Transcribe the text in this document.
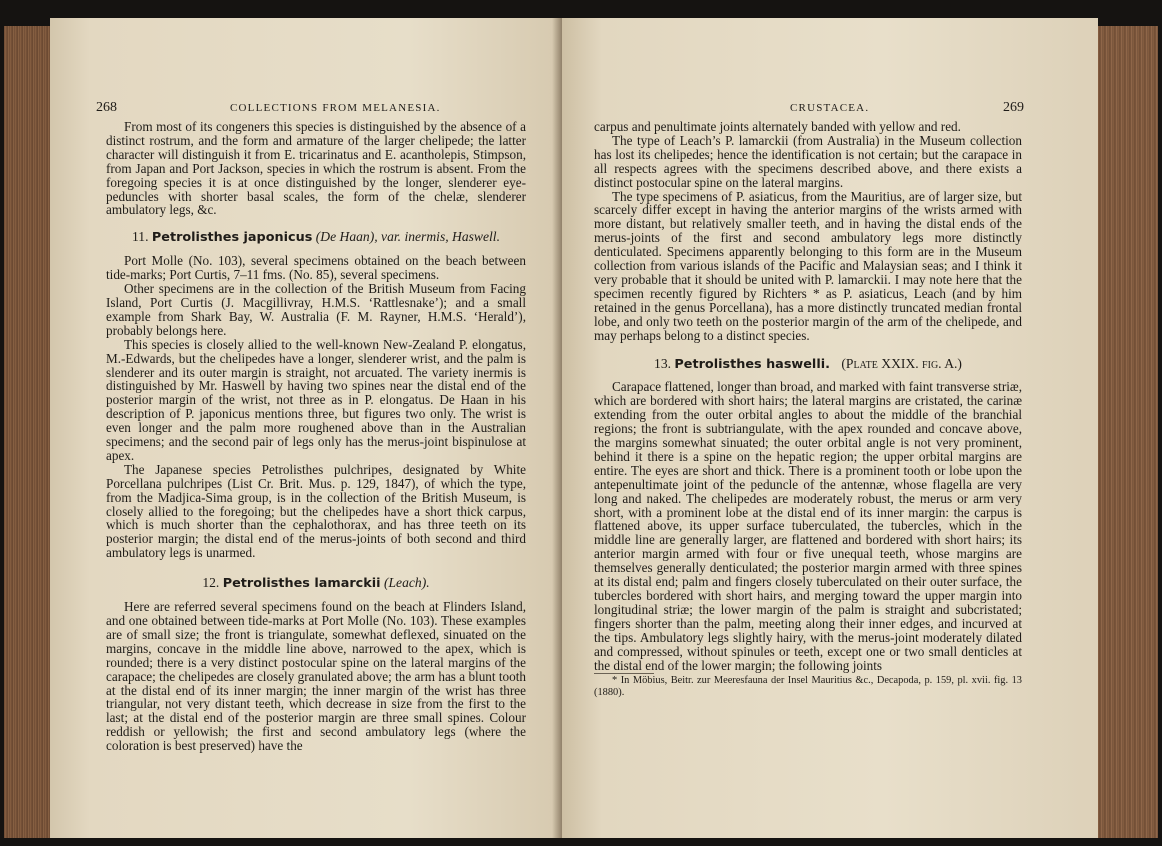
268	COLLECTIONS FROM MELANESIA.

From most of its congeners this species is distinguished by the absence of a distinct rostrum, and the form and armature of the larger chelipede; the latter character will distinguish it from E. tricarinatus and E. acantholepis, Stimpson, from Japan and Port Jackson, species in which the rostrum is absent. From the foregoing species it is at once distinguished by the longer, slenderer eye-peduncles with shorter basal scales, the form of the chelæ, slenderer ambulatory legs, &c.

11. Petrolisthes japonicus (De Haan), var. inermis, Haswell.

Port Molle (No. 103), several specimens obtained on the beach between tide-marks; Port Curtis, 7–11 fms. (No. 85), several specimens.

Other specimens are in the collection of the British Museum from Facing Island, Port Curtis (J. Macgillivray, H.M.S. ‘Rattlesnake’); and a small example from Shark Bay, W. Australia (F. M. Rayner, H.M.S. ‘Herald’), probably belongs here.

This species is closely allied to the well-known New-Zealand P. elongatus, M.-Edwards, but the chelipedes have a longer, slenderer wrist, and the palm is slenderer and its outer margin is straight, not arcuated. The variety inermis is distinguished by Mr. Haswell by having two spines near the distal end of the posterior margin of the wrist, not three as in P. elongatus. De Haan in his description of P. japonicus mentions three, but figures two only. The wrist is even longer and the palm more roughened above than in the Australian specimens; and the second pair of legs only has the merus-joint bispinulose at apex.

The Japanese species Petrolisthes pulchripes, designated by White Porcellana pulchripes (List Cr. Brit. Mus. p. 129, 1847), of which the type, from the Madjica-Sima group, is in the collection of the British Museum, is closely allied to the foregoing; but the chelipedes have a short thick carpus, which is much shorter than the cephalothorax, and has three teeth on its posterior margin; the distal end of the merus-joints of both second and third ambulatory legs is unarmed.

12. Petrolisthes lamarckii (Leach).

Here are referred several specimens found on the beach at Flinders Island, and one obtained between tide-marks at Port Molle (No. 103). These examples are of small size; the front is triangulate, somewhat deflexed, sinuated on the margins, concave in the middle line above, narrowed to the apex, which is rounded; there is a very distinct postocular spine on the lateral margins of the carapace; the chelipedes are closely granulated above; the arm has a blunt tooth at the distal end of its inner margin; the inner margin of the wrist has three triangular, not very distant teeth, which decrease in size from the first to the last; at the distal end of the posterior margin are three small spines. Colour reddish or yellowish; the first and second ambulatory legs (where the coloration is best preserved) have the

CRUSTACEA.	269

carpus and penultimate joints alternately banded with yellow and red.

The type of Leach’s P. lamarckii (from Australia) in the Museum collection has lost its chelipedes; hence the identification is not certain; but the carapace in all respects agrees with the specimens described above, and there exists a distinct postocular spine on the lateral margins.

The type specimens of P. asiaticus, from the Mauritius, are of larger size, but scarcely differ except in having the anterior margins of the wrists armed with more distant, but relatively smaller teeth, and in having the distal ends of the merus-joints of the first and second ambulatory legs more distinctly denticulated. Specimens apparently belonging to this form are in the Museum collection from various islands of the Pacific and Malaysian seas; and I think it very probable that it should be united with P. lamarckii. I may note here that the specimen recently figured by Richters * as P. asiaticus, Leach (and by him retained in the genus Porcellana), has a more distinctly truncated median frontal lobe, and only two teeth on the posterior margin of the arm of the chelipede, and may perhaps belong to a distinct species.

13. Petrolisthes haswelli. (Plate XXIX. fig. A.)

Carapace flattened, longer than broad, and marked with faint transverse striæ, which are bordered with short hairs; the lateral margins are cristated, the carinæ extending from the outer orbital angles to about the middle of the branchial regions; the front is subtriangulate, with the apex rounded and concave above, the margins somewhat sinuated; the outer orbital angle is not very prominent, behind it there is a spine on the hepatic region; the upper orbital margins are entire. The eyes are short and thick. There is a prominent tooth or lobe upon the antepenultimate joint of the peduncle of the antennæ, whose flagella are very long and naked. The chelipedes are moderately robust, the merus or arm very short, with a prominent lobe at the distal end of its inner margin: the carpus is flattened above, its upper surface tuberculated, the tubercles, which in the middle line are generally larger, are flattened and bordered with short hairs; its anterior margin armed with four or five unequal teeth, whose margins are themselves generally denticulated; the posterior margin armed with three spines at its distal end; palm and fingers closely tuberculated on their outer surface, the tubercles bordered with short hairs, and merging toward the upper margin into longitudinal striæ; the lower margin of the palm is straight and subcristated; fingers shorter than the palm, meeting along their inner edges, and incurved at the tips. Ambulatory legs slightly hairy, with the merus-joint moderately dilated and compressed, without spinules or teeth, except one or two small denticles at the distal end of the lower margin; the following joints

* In Möbius, Beitr. zur Meeresfauna der Insel Mauritius &c., Decapoda, p. 159, pl. xvii. fig. 13 (1880).
